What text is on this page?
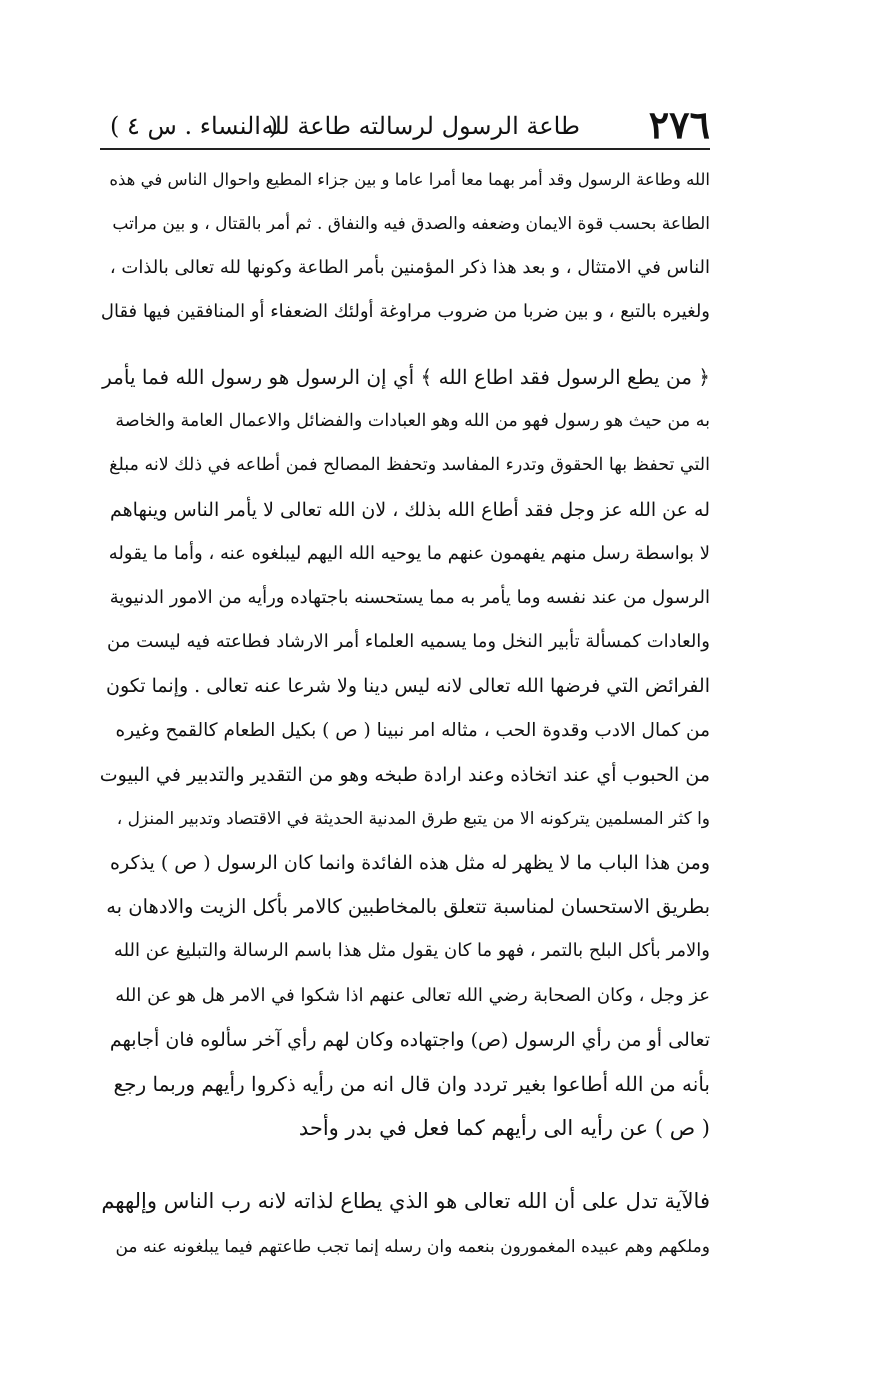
٢٧٦
طاعة الرسول لرسالته طاعة لله
( النساء . س ٤ )
الله وطاعة الرسول وقد أمر بهما معا أمرا عاما و بين جزاء المطيع واحوال الناس في هذه
الطاعة بحسب قوة الايمان وضعفه والصدق فيه والنفاق . ثم أمر بالقتال ، و بين مراتب
الناس في الامتثال ، و بعد هذا ذكر المؤمنين بأمر الطاعة وكونها لله تعالى بالذات ،
ولغيره بالتبع ، و بين ضربا من ضروب مراوغة أولئك الضعفاء أو المنافقين فيها فقال
﴿ من يطع الرسول فقد اطاع الله ﴾ أي إن الرسول هو رسول الله فما يأمر
به من حيث هو رسول فهو من الله وهو العبادات والفضائل والاعمال العامة والخاصة
التي تحفظ بها الحقوق وتدرء المفاسد وتحفظ المصالح فمن أطاعه في ذلك لانه مبلغ
له عن الله عز وجل فقد أطاع الله بذلك ، لان الله تعالى لا يأمر الناس وينهاهم
لا بواسطة رسل منهم يفهمون عنهم ما يوحيه الله اليهم ليبلغوه عنه ، وأما ما يقوله
الرسول من عند نفسه وما يأمر به مما يستحسنه باجتهاده ورأيه من الامور الدنيوية
والعادات كمسألة تأبير النخل وما يسميه العلماء أمر الارشاد فطاعته فيه ليست من
الفرائض التي فرضها الله تعالى لانه ليس دينا ولا شرعا عنه تعالى . وإنما تكون
من كمال الادب وقدوة الحب ، مثاله امر نبينا ( ص ) بكيل الطعام كالقمح وغيره
من الحبوب أي عند اتخاذه وعند ارادة طبخه وهو من التقدير والتدبير في البيوت
وا كثر المسلمين يتركونه الا من يتبع طرق المدنية الحديثة في الاقتصاد وتدبير المنزل ،
ومن هذا الباب ما لا يظهر له مثل هذه الفائدة وانما كان الرسول ( ص ) يذكره
بطريق الاستحسان لمناسبة تتعلق بالمخاطبين كالامر بأكل الزيت والادهان به
والامر بأكل البلح بالتمر ، فهو ما كان يقول مثل هذا باسم الرسالة والتبليغ عن الله
عز وجل ، وكان الصحابة رضي الله تعالى عنهم اذا شكوا في الامر هل هو عن الله
تعالى أو من رأي الرسول (ص) واجتهاده وكان لهم رأي آخر سألوه فان أجابهم
بأنه من الله أطاعوا بغير تردد وان قال انه من رأيه ذكروا رأيهم وربما رجع
( ص ) عن رأيه الى رأيهم كما فعل في بدر وأحد
فالآية تدل على أن الله تعالى هو الذي يطاع لذاته لانه رب الناس وإلههم
وملكهم وهم عبيده المغمورون بنعمه وان رسله إنما تجب طاعتهم فيما يبلغونه عنه من
